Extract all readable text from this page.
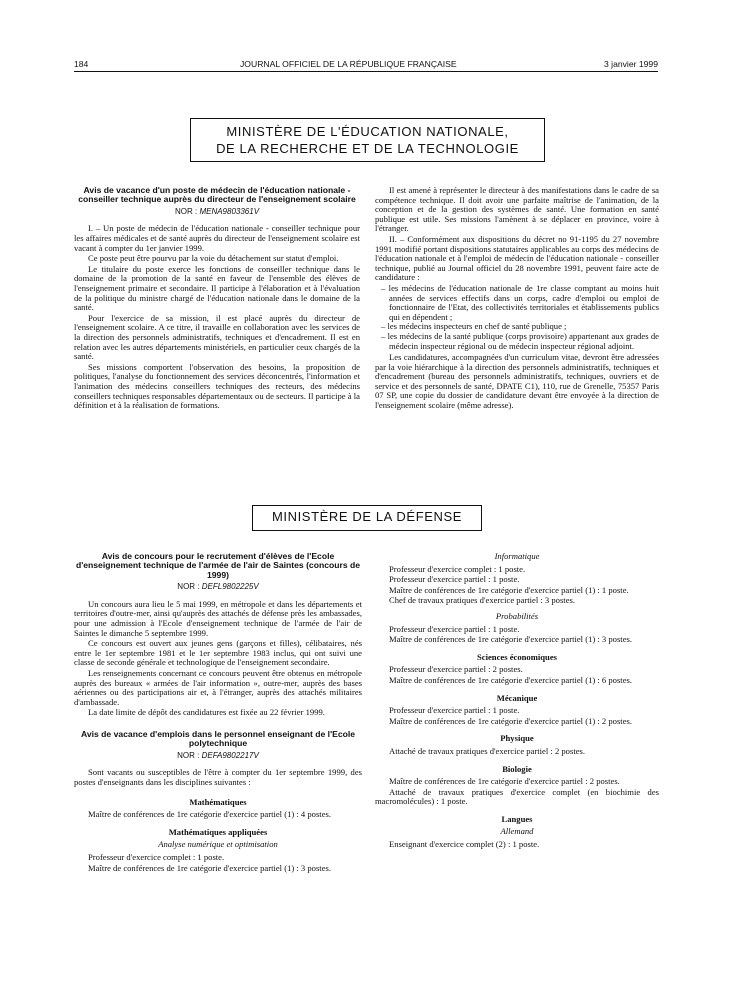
184	JOURNAL OFFICIEL DE LA RÉPUBLIQUE FRANÇAISE	3 janvier 1999
MINISTÈRE DE L'ÉDUCATION NATIONALE,
DE LA RECHERCHE ET DE LA TECHNOLOGIE
Avis de vacance d'un poste de médecin de l'éducation nationale - conseiller technique auprès du directeur de l'enseignement scolaire
NOR : MENA9803361V

I. – Un poste de médecin de l'éducation nationale - conseiller technique pour les affaires médicales et de santé auprès du directeur de l'enseignement scolaire est vacant à compter du 1er janvier 1999.

Ce poste peut être pourvu par la voie du détachement sur statut d'emploi.

Le titulaire du poste exerce les fonctions de conseiller technique dans le domaine de la promotion de la santé en faveur de l'ensemble des élèves de l'enseignement primaire et secondaire. Il participe à l'élaboration et à l'évaluation de la politique du ministre chargé de l'éducation nationale dans le domaine de la santé.

Pour l'exercice de sa mission, il est placé auprès du directeur de l'enseignement scolaire. A ce titre, il travaille en collaboration avec les services de la direction des personnels administratifs, techniques et d'encadrement. Il est en relation avec les autres départements ministériels, en particulier ceux chargés de la santé.

Ses missions comportent l'observation des besoins, la proposition de politiques, l'analyse du fonctionnement des services déconcentrés, l'information et l'animation des médecins conseillers techniques des recteurs, des médecins conseillers techniques responsables départementaux ou de secteurs. Il participe à la définition et à la réalisation de formations.

Il est amené à représenter le directeur à des manifestations dans le cadre de sa compétence technique. Il doit avoir une parfaite maîtrise de l'animation, de la conception et de la gestion des systèmes de santé. Une formation en santé publique est utile. Ses missions l'amènent à se déplacer en province, voire à l'étranger.

II. – Conformément aux dispositions du décret no 91-1195 du 27 novembre 1991 modifié portant dispositions statutaires applicables au corps des médecins de l'éducation nationale et à l'emploi de médecin de l'éducation nationale - conseiller technique, publié au Journal officiel du 28 novembre 1991, peuvent faire acte de candidature :

– les médecins de l'éducation nationale de 1re classe comptant au moins huit années de services effectifs dans un corps, cadre d'emploi ou emploi de fonctionnaire de l'Etat, des collectivités territoriales et établissements publics qui en dépendent ;
– les médecins inspecteurs en chef de santé publique ;
– les médecins de la santé publique (corps provisoire) appartenant aux grades de médecin inspecteur régional ou de médecin inspecteur régional adjoint.

Les candidatures, accompagnées d'un curriculum vitae, devront être adressées par la voie hiérarchique à la direction des personnels administratifs, techniques et d'encadrement (bureau des personnels administratifs, techniques, ouvriers et de service et des personnels de santé, DPATE C1), 110, rue de Grenelle, 75357 Paris 07 SP, une copie du dossier de candidature devant être envoyée à la direction de l'enseignement scolaire (même adresse).

MINISTÈRE DE LA DÉFENSE
Avis de concours pour le recrutement d'élèves de l'Ecole d'enseignement technique de l'armée de l'air de Saintes (concours de 1999)
NOR : DEFL9802225V

Un concours aura lieu le 5 mai 1999, en métropole et dans les départements et territoires d'outre-mer, ainsi qu'auprès des attachés de défense près les ambassades, pour une admission à l'Ecole d'enseignement technique de l'armée de l'air de Saintes le dimanche 5 septembre 1999.

Ce concours est ouvert aux jeunes gens (garçons et filles), célibataires, nés entre le 1er septembre 1981 et le 1er septembre 1983 inclus, qui ont suivi une classe de seconde générale et technologique de l'enseignement secondaire.

Les renseignements concernant ce concours peuvent être obtenus en métropole auprès des bureaux « armées de l'air information », outre-mer, auprès des bases aériennes ou des participations air et, à l'étranger, auprès des attachés militaires d'ambassade.

La date limite de dépôt des candidatures est fixée au 22 février 1999.

Avis de vacance d'emplois dans le personnel enseignant de l'Ecole polytechnique
NOR : DEFA9802217V

Sont vacants ou susceptibles de l'être à compter du 1er septembre 1999, des postes d'enseignants dans les disciplines suivantes :

Mathématiques

Maître de conférences de 1re catégorie d'exercice partiel (1) : 4 postes.

Mathématiques appliquées
Analyse numérique et optimisation

Professeur d'exercice complet : 1 poste.

Maître de conférences de 1re catégorie d'exercice partiel (1) : 3 postes.

Informatique

Professeur d'exercice complet : 1 poste.

Professeur d'exercice partiel : 1 poste.

Maître de conférences de 1re catégorie d'exercice partiel (1) : 1 poste.

Chef de travaux pratiques d'exercice partiel : 3 postes.

Probabilités

Professeur d'exercice partiel : 1 poste.

Maître de conférences de 1re catégorie d'exercice partiel (1) : 3 postes.

Sciences économiques

Professeur d'exercice partiel : 2 postes.

Maître de conférences de 1re catégorie d'exercice partiel (1) : 6 postes.

Mécanique

Professeur d'exercice partiel : 1 poste.

Maître de conférences de 1re catégorie d'exercice partiel (1) : 2 postes.

Physique

Attaché de travaux pratiques d'exercice partiel : 2 postes.

Biologie

Maître de conférences de 1re catégorie d'exercice partiel : 2 postes.

Attaché de travaux pratiques d'exercice complet (en biochimie des macromolécules) : 1 poste.

Langues
Allemand

Enseignant d'exercice complet (2) : 1 poste.
